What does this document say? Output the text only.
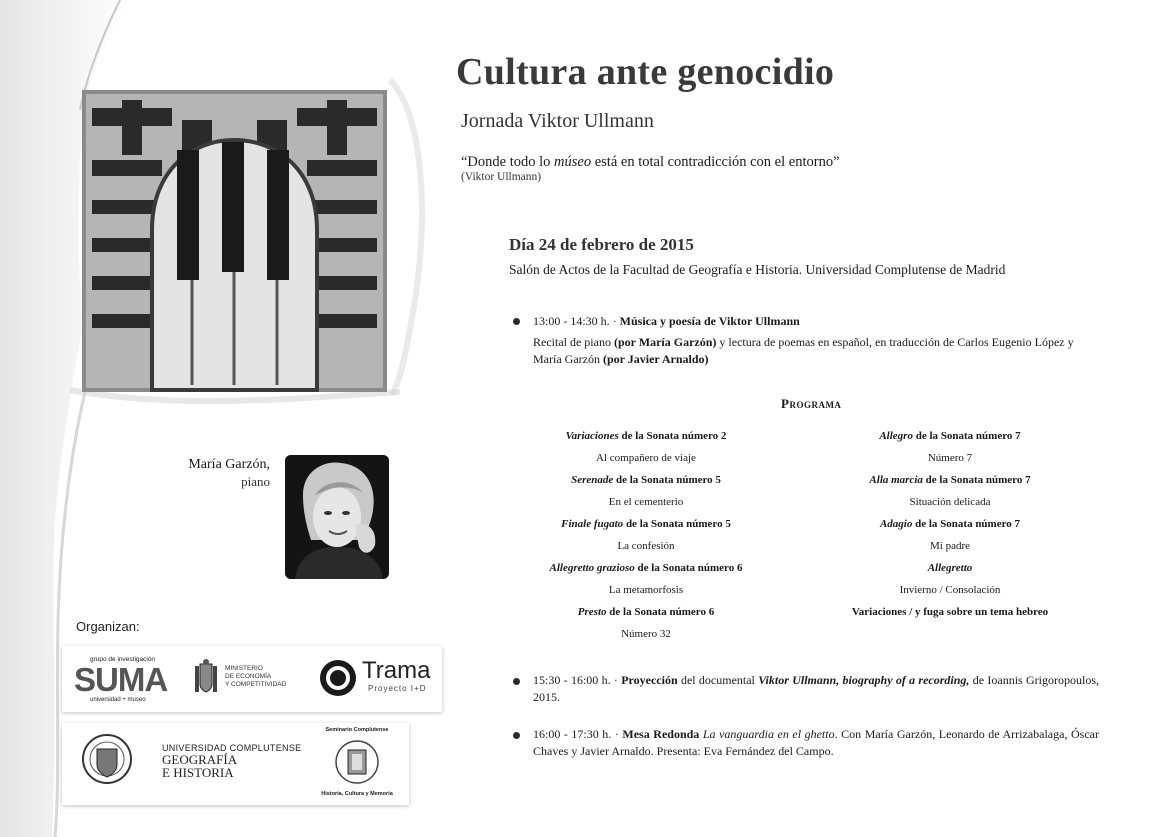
Cultura ante genocidio
Jornada Viktor Ullmann
“Donde todo lo múseo está en total contradicción con el entorno”
(Viktor Ullmann)
Día 24 de febrero de 2015
Salón de Actos de la Facultad de Geografía e Historia. Universidad Complutense de Madrid
13:00 - 14:30 h. · Música y poesía de Viktor Ullmann
Recital de piano (por María Garzón) y lectura de poemas en español, en traducción de Carlos Eugenio López y María Garzón (por Javier Arnaldo)
Programa
Variaciones de la Sonata número 2
Al compañero de viaje
Serenade de la Sonata número 5
En el cementerio
Finale fugato de la Sonata número 5
La confesión
Allegretto grazioso de la Sonata número 6
La metamorfosis
Presto de la Sonata número 6
Número 32
Allegro de la Sonata número 7
Número 7
Alla marcia de la Sonata número 7
Situación delicada
Adagio de la Sonata número 7
Mi padre
Allegretto
Invierno / Consolación
Variaciones / y fuga sobre un tema hebreo
15:30 - 16:00 h. · Proyección del documental Viktor Ullmann, biography of a recording, de Ioannis Grigoropoulos, 2015.
16:00 - 17:30 h. · Mesa Redonda La vanguardia en el ghetto. Con María Garzón, Leonardo de Arrizabalaga, Óscar Chaves y Javier Arnaldo. Presenta: Eva Fernández del Campo.
María Garzón,
piano
Organizan:
grupo de investigación
SUMA
universidad + museo
MINISTERIO
DE ECONOMÍA
Y COMPETITIVIDAD
Trama
Proyecto I+D
UNIVERSIDAD COMPLUTENSE
GEOGRAFÍA
E HISTORIA
Seminario Complutense
Historia, Cultura y Memoria
